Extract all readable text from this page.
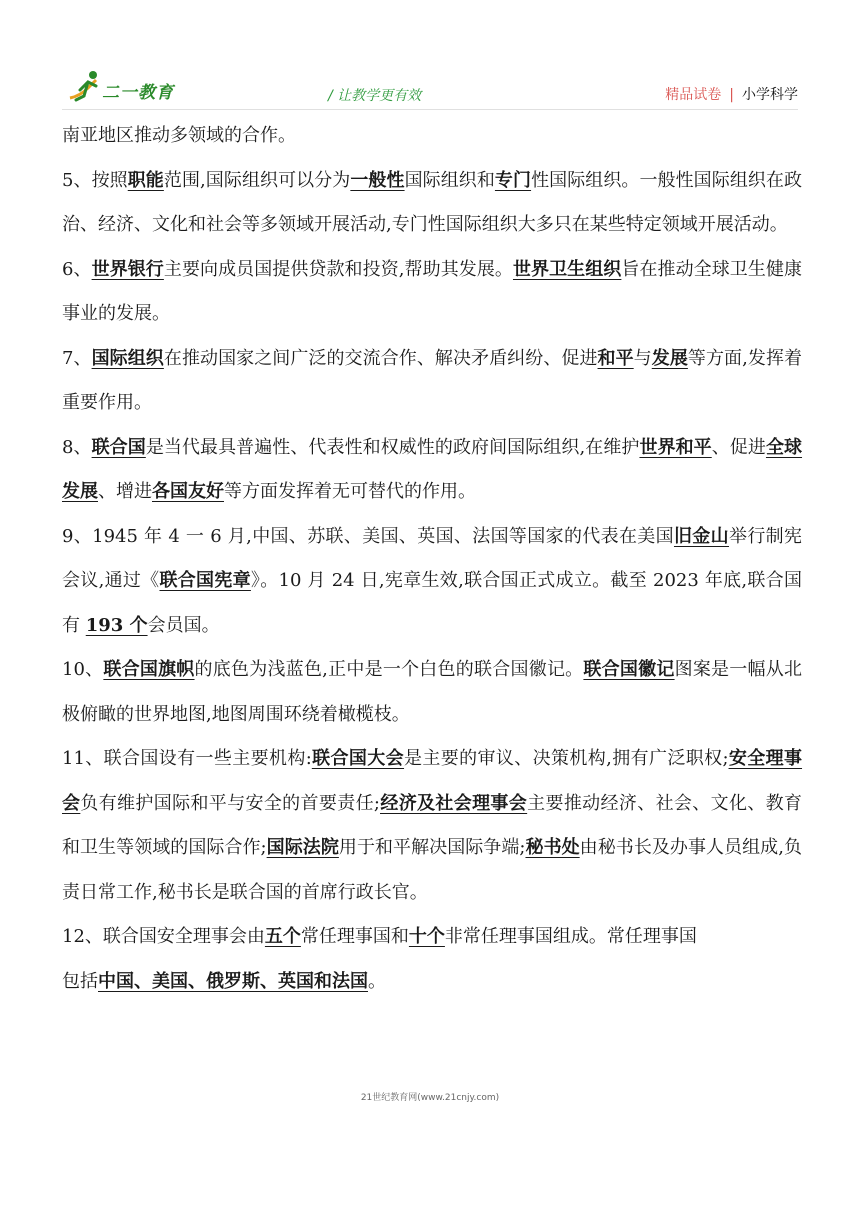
二一教育	/ 让教学更有效	精品试卷 | 小学科学

南亚地区推动多领域的合作。

5、按照职能范围,国际组织可以分为一般性国际组织和专门性国际组织。一般性国际组织在政治、经济、文化和社会等多领域开展活动,专门性国际组织大多只在某些特定领域开展活动。

6、世界银行主要向成员国提供贷款和投资,帮助其发展。世界卫生组织旨在推动全球卫生健康事业的发展。

7、国际组织在推动国家之间广泛的交流合作、解决矛盾纠纷、促进和平与发展等方面,发挥着重要作用。

8、联合国是当代最具普遍性、代表性和权威性的政府间国际组织,在维护世界和平、促进全球发展、增进各国友好等方面发挥着无可替代的作用。

9、1945 年 4 一 6 月,中国、苏联、美国、英国、法国等国家的代表在美国旧金山举行制宪会议,通过《联合国宪章》。10 月 24 日,宪章生效,联合国正式成立。截至 2023 年底,联合国有 193 个会员国。

10、联合国旗帜的底色为浅蓝色,正中是一个白色的联合国徽记。联合国徽记图案是一幅从北极俯瞰的世界地图,地图周围环绕着橄榄枝。

11、联合国设有一些主要机构:联合国大会是主要的审议、决策机构,拥有广泛职权;安全理事会负有维护国际和平与安全的首要责任;经济及社会理事会主要推动经济、社会、文化、教育和卫生等领域的国际合作;国际法院用于和平解决国际争端;秘书处由秘书长及办事人员组成,负责日常工作,秘书长是联合国的首席行政长官。

12、联合国安全理事会由五个常任理事国和十个非常任理事国组成。常任理事国

包括中国、美国、俄罗斯、英国和法国。

21世纪教育网(www.21cnjy.com)
